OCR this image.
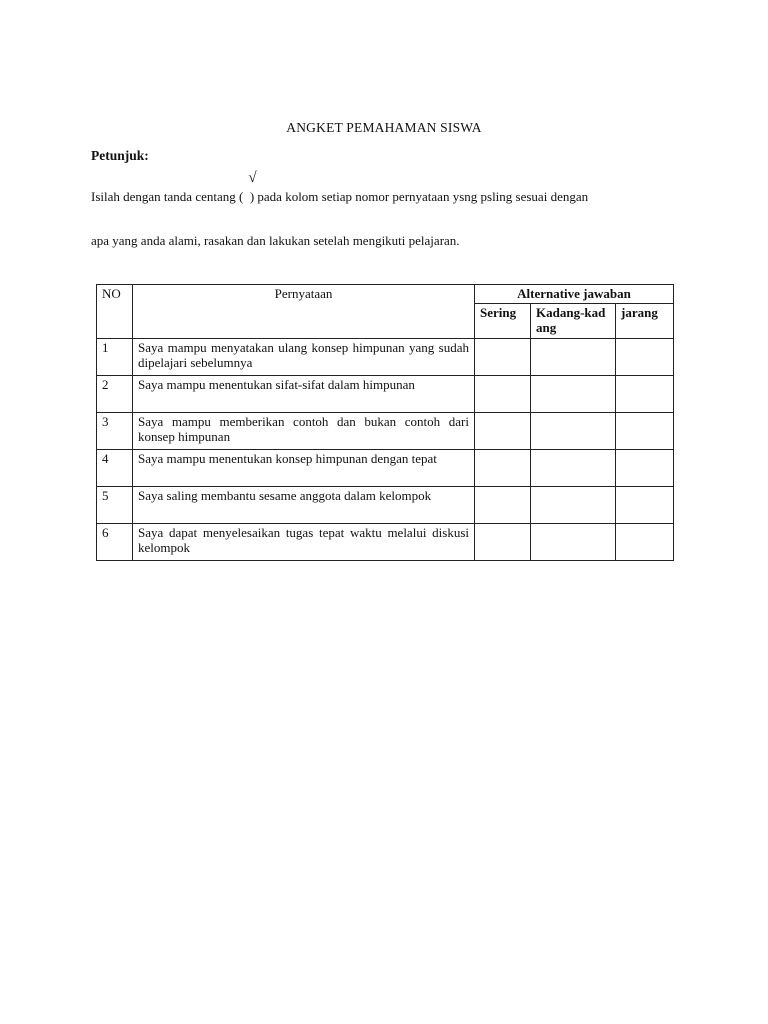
ANGKET PEMAHAMAN SISWA
Petunjuk:
Isilah dengan tanda centang (
√
) pada kolom setiap nomor pernyataan ysng psling sesuai dengan
apa yang anda alami, rasakan dan lakukan setelah mengikuti pelajaran.
NO	Pernyataan	Alternative jawaban		
		Sering	Kadang-kadang	jarang
1	Saya mampu menyatakan ulang konsep himpunan yang sudah dipelajari sebelumnya			
2	Saya mampu menentukan sifat-sifat dalam himpunan			
3	Saya mampu memberikan contoh dan bukan contoh dari konsep himpunan			
4	Saya mampu menentukan konsep himpunan dengan tepat			
5	Saya saling membantu sesame anggota dalam kelompok			
6	Saya dapat menyelesaikan tugas tepat waktu melalui diskusi kelompok			
